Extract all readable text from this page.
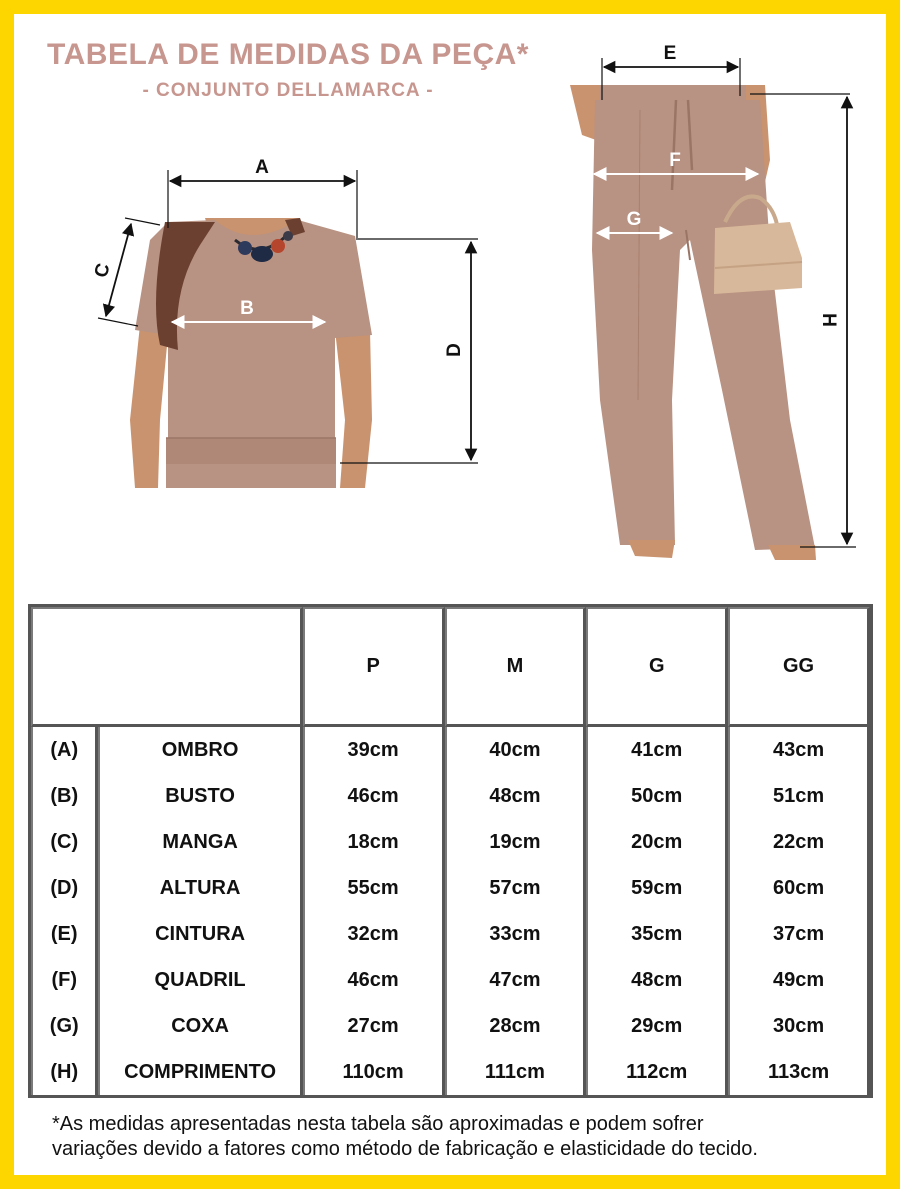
TABELA DE MEDIDAS DA PEÇA*
- CONJUNTO DELLAMARCA -
A
B
C
D
E
F
G
H
		P	M	G	GG
(A)	OMBRO	39cm	40cm	41cm	43cm
(B)	BUSTO	46cm	48cm	50cm	51cm
(C)	MANGA	18cm	19cm	20cm	22cm
(D)	ALTURA	55cm	57cm	59cm	60cm
(E)	CINTURA	32cm	33cm	35cm	37cm
(F)	QUADRIL	46cm	47cm	48cm	49cm
(G)	COXA	27cm	28cm	29cm	30cm
(H)	COMPRIMENTO	110cm	111cm	112cm	113cm
*As medidas apresentadas nesta tabela são aproximadas e podem sofrer
variações devido a fatores como método de fabricação e elasticidade do tecido.
